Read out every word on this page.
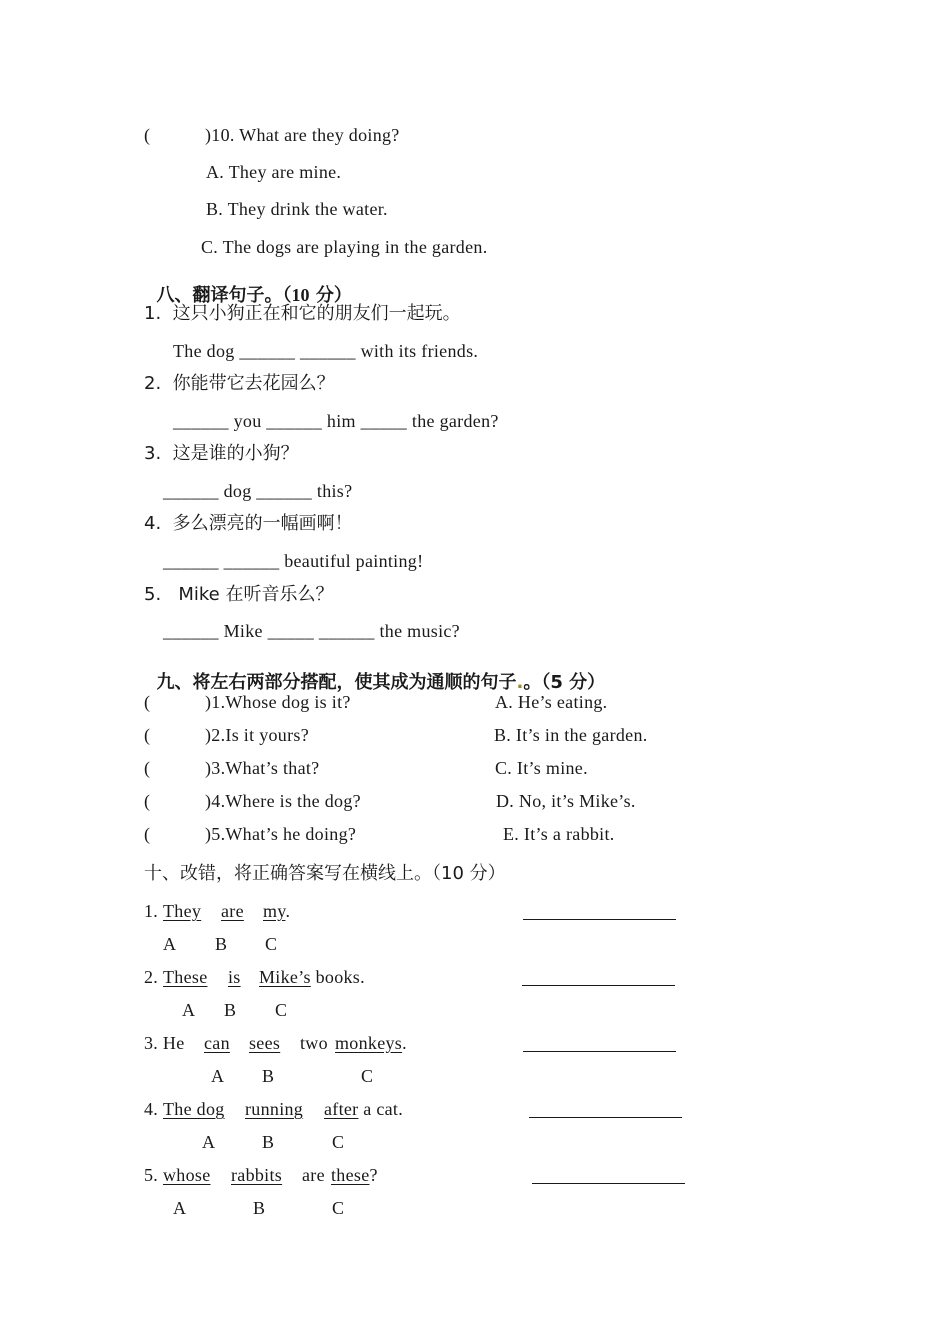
(	)10. What are they doing?
A. They are mine.
B. They drink the water.
C. The dogs are playing in the garden.

八、翻译句子。（10 分）

1.  这只小狗正在和它的朋友们一起玩。
The dog ______ ______ with its friends.
2.  你能带它去花园么？
______ you ______ him _____ the garden?
3.  这是谁的小狗？
______ dog ______ this?
4.  多么漂亮的一幅画啊！
______ ______ beautiful painting!
5.   Mike 在听音乐么？
______ Mike _____ ______ the music?

九、将左右两部分搭配，使其成为通顺的句子.。（5 分）

(	)1.Whose dog is it?	A. He’s eating.
(	)2.Is it yours?	B. It’s in the garden.
(	)3.What’s that?	C. It’s mine.
(	)4.Where is the dog?	D. No, it’s Mike’s.
(	)5.What’s he doing?	E. It’s a rabbit.
十、改错，将正确答案写在横线上。（10 分）
1. They are my.
A B C
2. These is Mike’s books.
A B C
3. He can sees two monkeys.
A B	C
4. The dog running after a cat.
A	B	C
5. whose rabbits are these?
A	B	C
